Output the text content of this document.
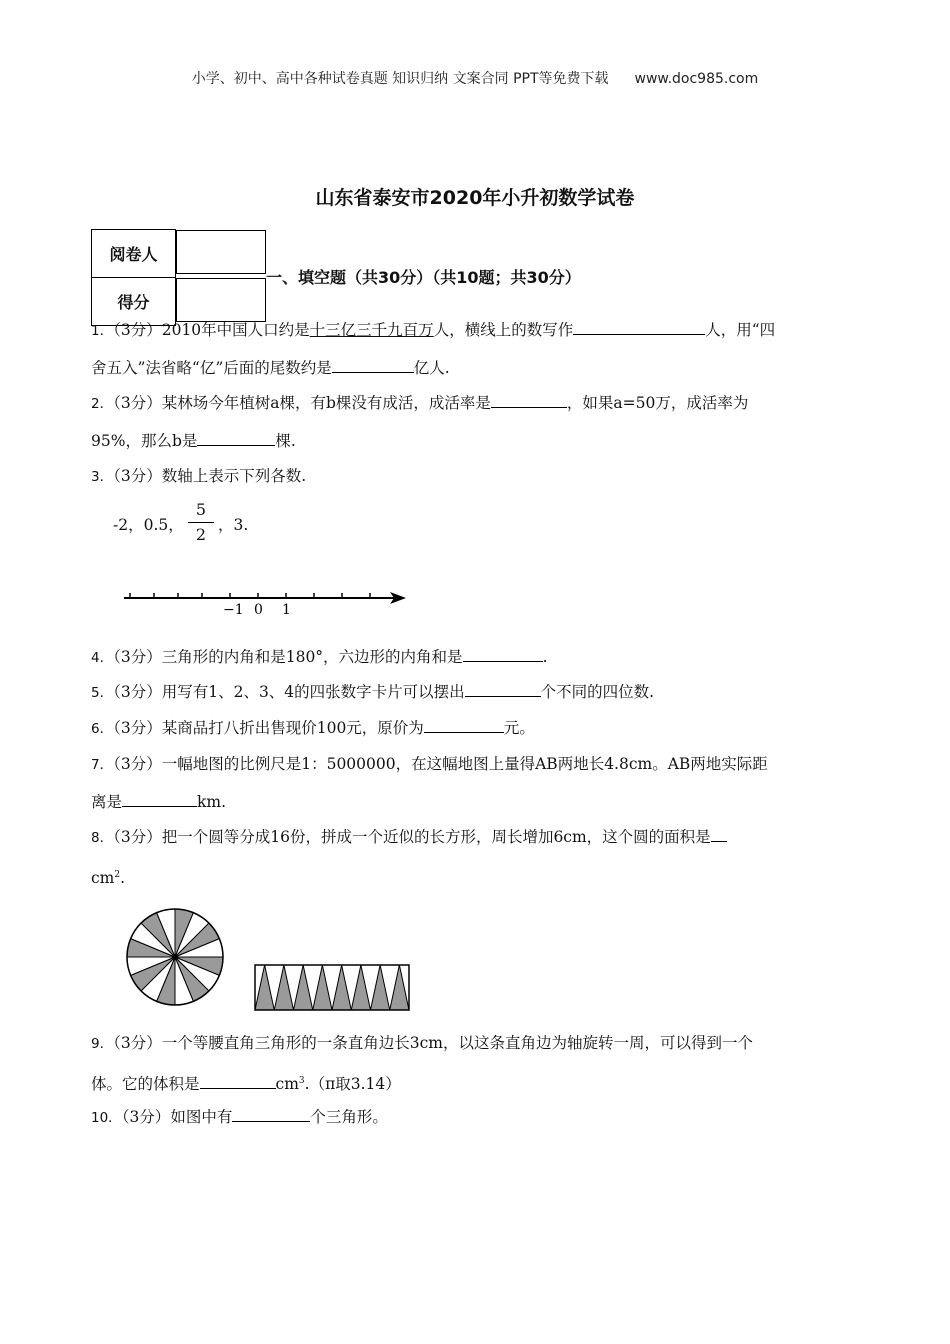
小学、初中、高中各种试卷真题 知识归纳 文案合同 PPT等免费下载 www.doc985.com
山东省泰安市2020年小升初数学试卷
阅卷人	
得分	
一、填空题（共30分）（共10题；共30分）
1．（3分）2010年中国人口约是十三亿三千九百万人，横线上的数写作	人，用“四
舍五入”法省略“亿”后面的尾数约是	亿人.
2．（3分）某林场今年植树a棵，有b棵没有成活，成活率是	，如果a=50万，成活率为
95%，那么b是	棵.
3．（3分）数轴上表示下列各数.
-2，0.5，
5
2 ，3.
−1 0 1
4．（3分）三角形的内角和是180°，六边形的内角和是	.
5．（3分）用写有1、2、3、4的四张数字卡片可以摆出	个不同的四位数.
6．（3分）某商品打八折出售现价100元，原价为	元。
7．（3分）一幅地图的比例尺是1：5000000，在这幅地图上量得AB两地长4.8cm。AB两地实际距
离是	km.
8．（3分）把一个圆等分成16份，拼成一个近似的长方形，周长增加6cm，这个圆的面积是
$cm^2$.
9．（3分）一个等腰直角三角形的一条直角边长3cm，以这条直角边为轴旋转一周，可以得到一个
体。它的体积是	$cm^3.(\pi$取3.14）
10．（3分）如图中有	个三角形。
